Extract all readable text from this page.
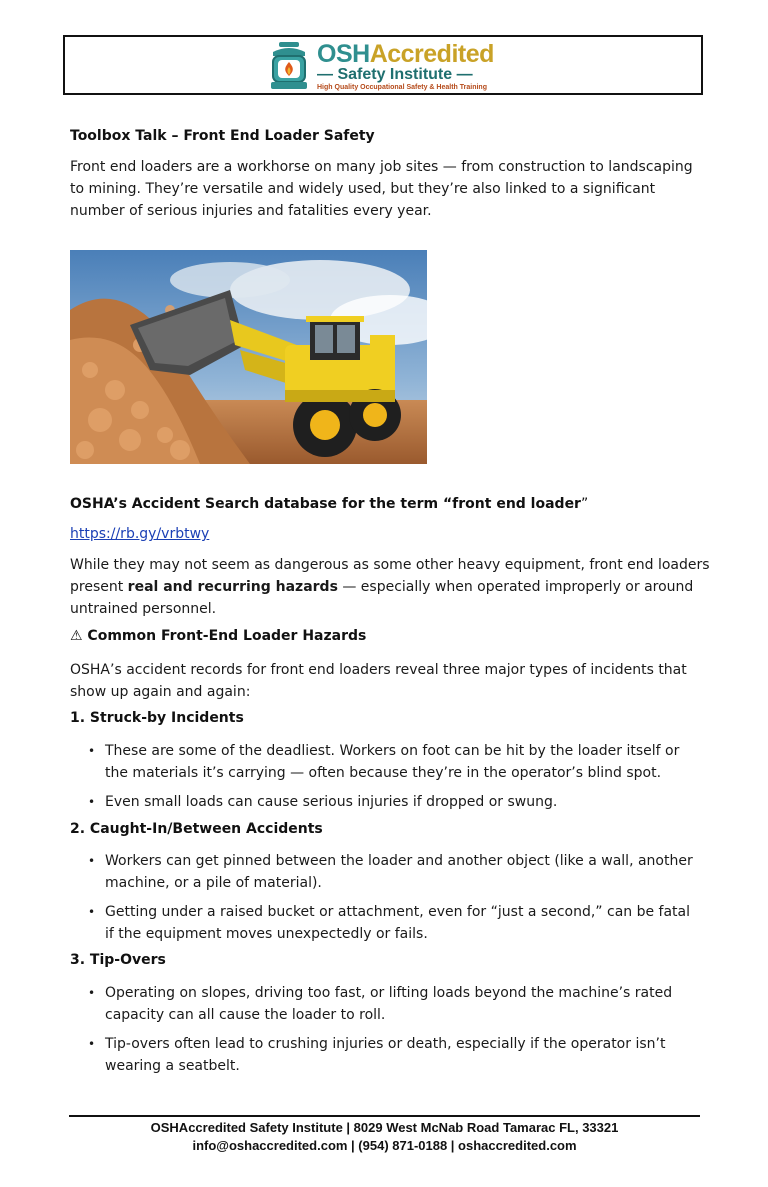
OSHAccredited
— Safety Institute —
High Quality Occupational Safety & Health Training
Toolbox Talk – Front End Loader Safety
Front end loaders are a workhorse on many job sites — from construction to landscaping to mining. They’re versatile and widely used, but they’re also linked to a significant number of serious injuries and fatalities every year.
OSHA’s Accident Search database for the term “front end loader”
https://rb.gy/vrbtwy
While they may not seem as dangerous as some other heavy equipment, front end loaders present real and recurring hazards — especially when operated improperly or around untrained personnel.
⚠ Common Front-End Loader Hazards
OSHA’s accident records for front end loaders reveal three major types of incidents that show up again and again:
1. Struck-by Incidents
• These are some of the deadliest. Workers on foot can be hit by the loader itself or the materials it’s carrying — often because they’re in the operator’s blind spot.
• Even small loads can cause serious injuries if dropped or swung.
2. Caught-In/Between Accidents
• Workers can get pinned between the loader and another object (like a wall, another machine, or a pile of material).
• Getting under a raised bucket or attachment, even for “just a second,” can be fatal if the equipment moves unexpectedly or fails.
3. Tip-Overs
• Operating on slopes, driving too fast, or lifting loads beyond the machine’s rated capacity can all cause the loader to roll.
• Tip-overs often lead to crushing injuries or death, especially if the operator isn’t wearing a seatbelt.
OSHAccredited Safety Institute | 8029 West McNab Road Tamarac FL, 33321
info@oshaccredited.com | (954) 871-0188 | oshaccredited.com
